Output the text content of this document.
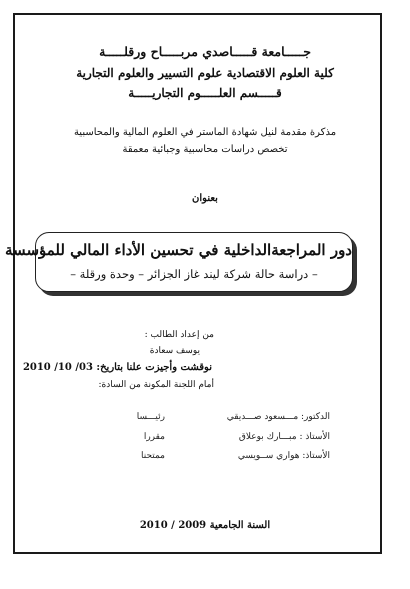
جـــــامعة قـــــاصدي مربـــــاح ورقلـــــة
كلية العلوم الاقتصادية علوم التسيير والعلوم التجارية
قـــــسم العلـــــوم التجاريـــــة
مذكرة مقدمة لنيل شهادة الماستر في العلوم المالية والمحاسبية
تخصص دراسات محاسبية وجبائية معمقة
بعنوان
دور المراجعةالداخلية في تحسين الأداء المالي للمؤسسة
– دراسة حالة شركة ليند غاز الجزائر – وحدة ورقلة –
من إعداد الطالب :
يوسف سعادة
نوقشت وأجيزت علنا بتاريخ: 03/ 10/ 2010
أمام اللجنة المكونة من السادة:
الدكتور: مـــسعود صـــديقي
رئيـــسا
الأستاذ : مبـــارك بوعلاق
مقررا
الأستاذ: هواري ســويسي
ممتحنا
السنة الجامعية 2009 / 2010
